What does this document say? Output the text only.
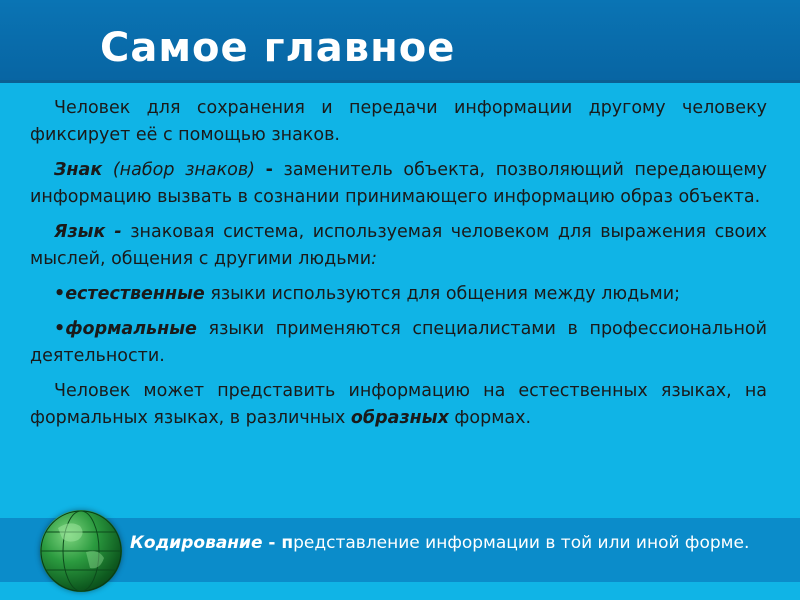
Самое главное

Человек для сохранения и передачи информации другому человеку фиксирует её с помощью знаков.

Знак (набор знаков) - заменитель объекта, позволяющий передающему информацию вызвать в сознании принимающего информацию образ объекта.

Язык - знаковая система, используемая человеком для выражения своих мыслей, общения с другими людьми:

•естественные языки используются для общения между людьми;

•формальные языки применяются специалистами в профессиональной деятельности.

Человек может представить информацию на естественных языках, на формальных языках, в различных образных формах.

Кодирование - представление информации в той или иной форме.
